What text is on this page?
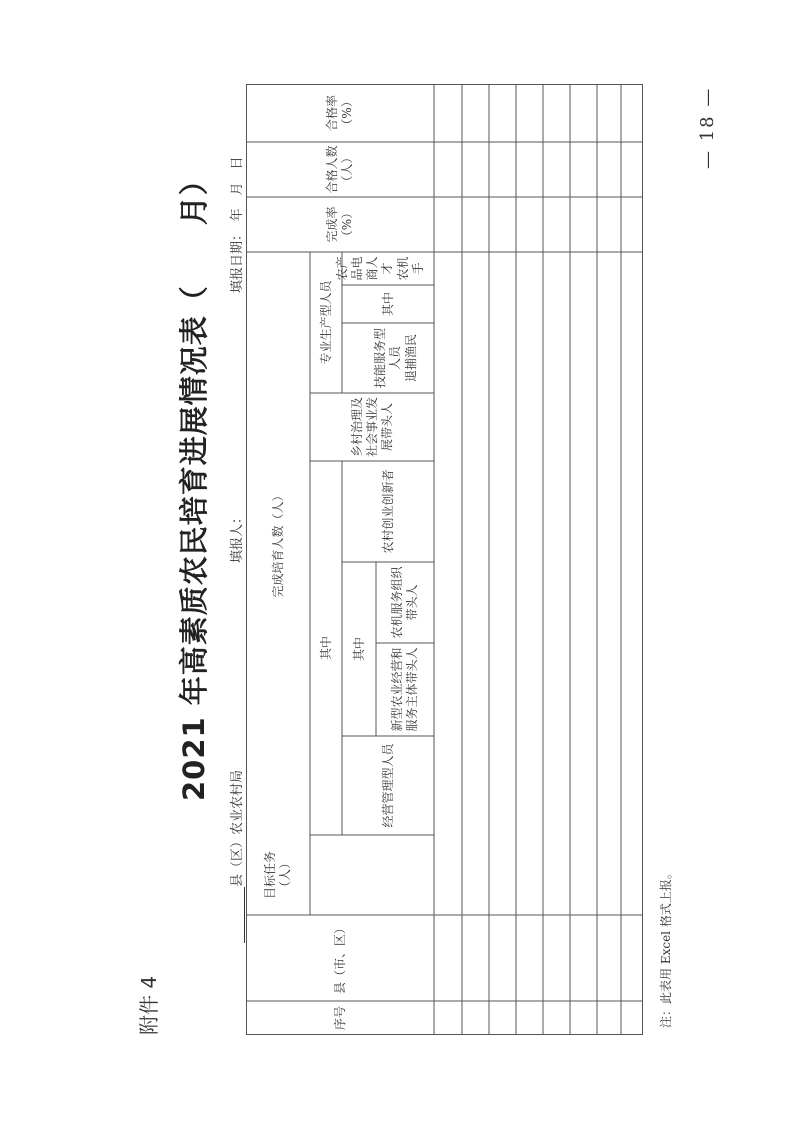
附件 4
2021 年高素质农民培育进展情况表（　　月）
县（区）农业农村局
填报人：
填报日期：　年　月　日
序号
县（市、区）
目标任务（人）
完成培育人数（人）
其中
经营管理型人员
其中	新型农业经营和服务主体带头人
农机服务组织带头人
农村创业创新者
乡村治理及社会事业发展带头人
专业生产型人员	技能服务型人员
其中
农产品电商人才 农机手
退捕渔民
完成率（%）
合格人数（人）
合格率（%）
注：此表用 Excel 格式上报。
— 18 —
